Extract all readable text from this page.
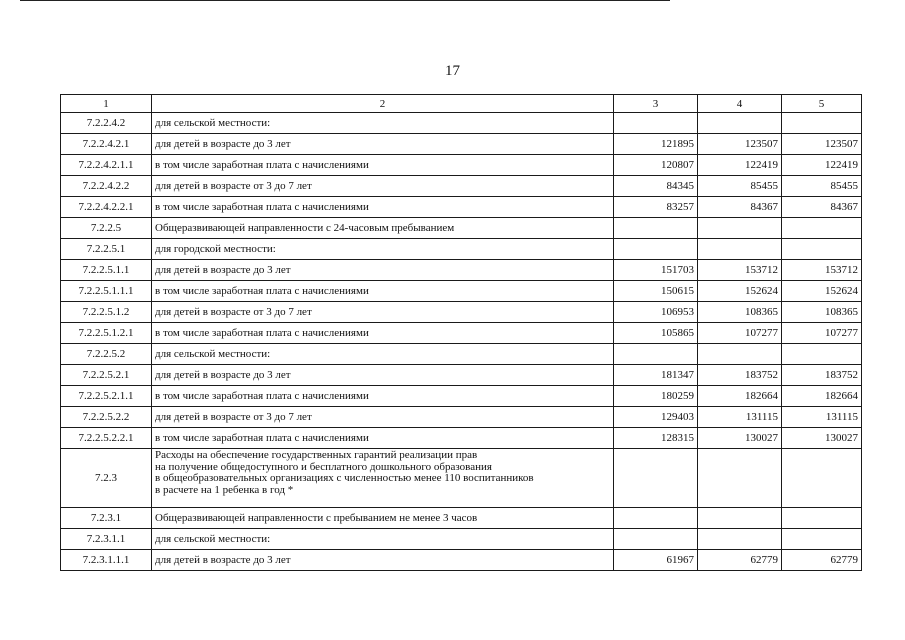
17
1	2	3	4	5
7.2.2.4.2	для сельской местности:			
7.2.2.4.2.1	для детей в возрасте до 3 лет	121895	123507	123507
7.2.2.4.2.1.1	в том числе заработная плата с начислениями	120807	122419	122419
7.2.2.4.2.2	для детей в возрасте от 3 до 7 лет	84345	85455	85455
7.2.2.4.2.2.1	в том числе заработная плата с начислениями	83257	84367	84367
7.2.2.5	Общеразвивающей направленности с 24-часовым пребыванием			
7.2.2.5.1	для городской местности:			
7.2.2.5.1.1	для детей в возрасте до 3 лет	151703	153712	153712
7.2.2.5.1.1.1	в том числе заработная плата с начислениями	150615	152624	152624
7.2.2.5.1.2	для детей в возрасте от 3 до 7 лет	106953	108365	108365
7.2.2.5.1.2.1	в том числе заработная плата с начислениями	105865	107277	107277
7.2.2.5.2	для сельской местности:			
7.2.2.5.2.1	для детей в возрасте до 3 лет	181347	183752	183752
7.2.2.5.2.1.1	в том числе заработная плата с начислениями	180259	182664	182664
7.2.2.5.2.2	для детей в возрасте от 3 до 7 лет	129403	131115	131115
7.2.2.5.2.2.1	в том числе заработная плата с начислениями	128315	130027	130027
7.2.3	Расходы на обеспечение государственных гарантий реализации прав
на получение общедоступного и бесплатного дошкольного образования
в общеобразовательных организациях с численностью менее 110 воспитанников
в расчете на 1 ребенка в год *			

7.2.3.1	Общеразвивающей направленности с пребыванием не менее 3 часов			
7.2.3.1.1	для сельской местности:			
7.2.3.1.1.1	для детей в возрасте до 3 лет	61967	62779	62779
